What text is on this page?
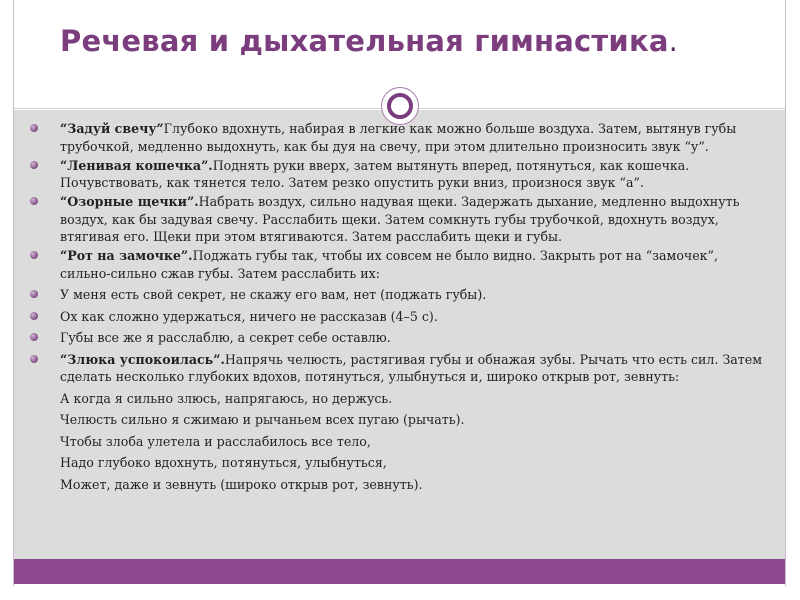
Речевая и дыхательная гимнастика.
“Задуй свечу”Глубоко вдохнуть, набирая в легкие как можно больше воздуха. Затем, вытянув губы трубочкой, медленно выдохнуть, как бы дуя на свечу, при этом длительно произносить звук “у”.
“Ленивая кошечка”.Поднять руки вверх, затем вытянуть вперед, потянуться, как кошечка. Почувствовать, как тянется тело. Затем резко опустить руки вниз, произнося звук “а”.
“Озорные щечки”.Набрать воздух, сильно надувая щеки. Задержать дыхание, медленно выдохнуть воздух, как бы задувая свечу. Расслабить щеки. Затем сомкнуть губы трубочкой, вдохнуть воздух, втягивая его. Щеки при этом втягиваются. Затем расслабить щеки и губы.
“Рот на замочке”.Поджать губы так, чтобы их совсем не было видно. Закрыть рот на “замочек”, сильно-сильно сжав губы. Затем расслабить их:
У меня есть свой секрет, не скажу его вам, нет (поджать губы).
Ох как сложно удержаться, ничего не рассказав (4–5 с).
Губы все же я расслаблю, а секрет себе оставлю.
“Злюка успокоилась”.Напрячь челюсть, растягивая губы и обнажая зубы. Рычать что есть сил. Затем сделать несколько глубоких вдохов, потянуться, улыбнуться и, широко открыв рот, зевнуть:
А когда я сильно злюсь, напрягаюсь, но держусь.
Челюсть сильно я сжимаю и рычаньем всех пугаю (рычать).
Чтобы злоба улетела и расслабилось все тело,
Надо глубоко вдохнуть, потянуться, улыбнуться,
Может, даже и зевнуть (широко открыв рот, зевнуть).
